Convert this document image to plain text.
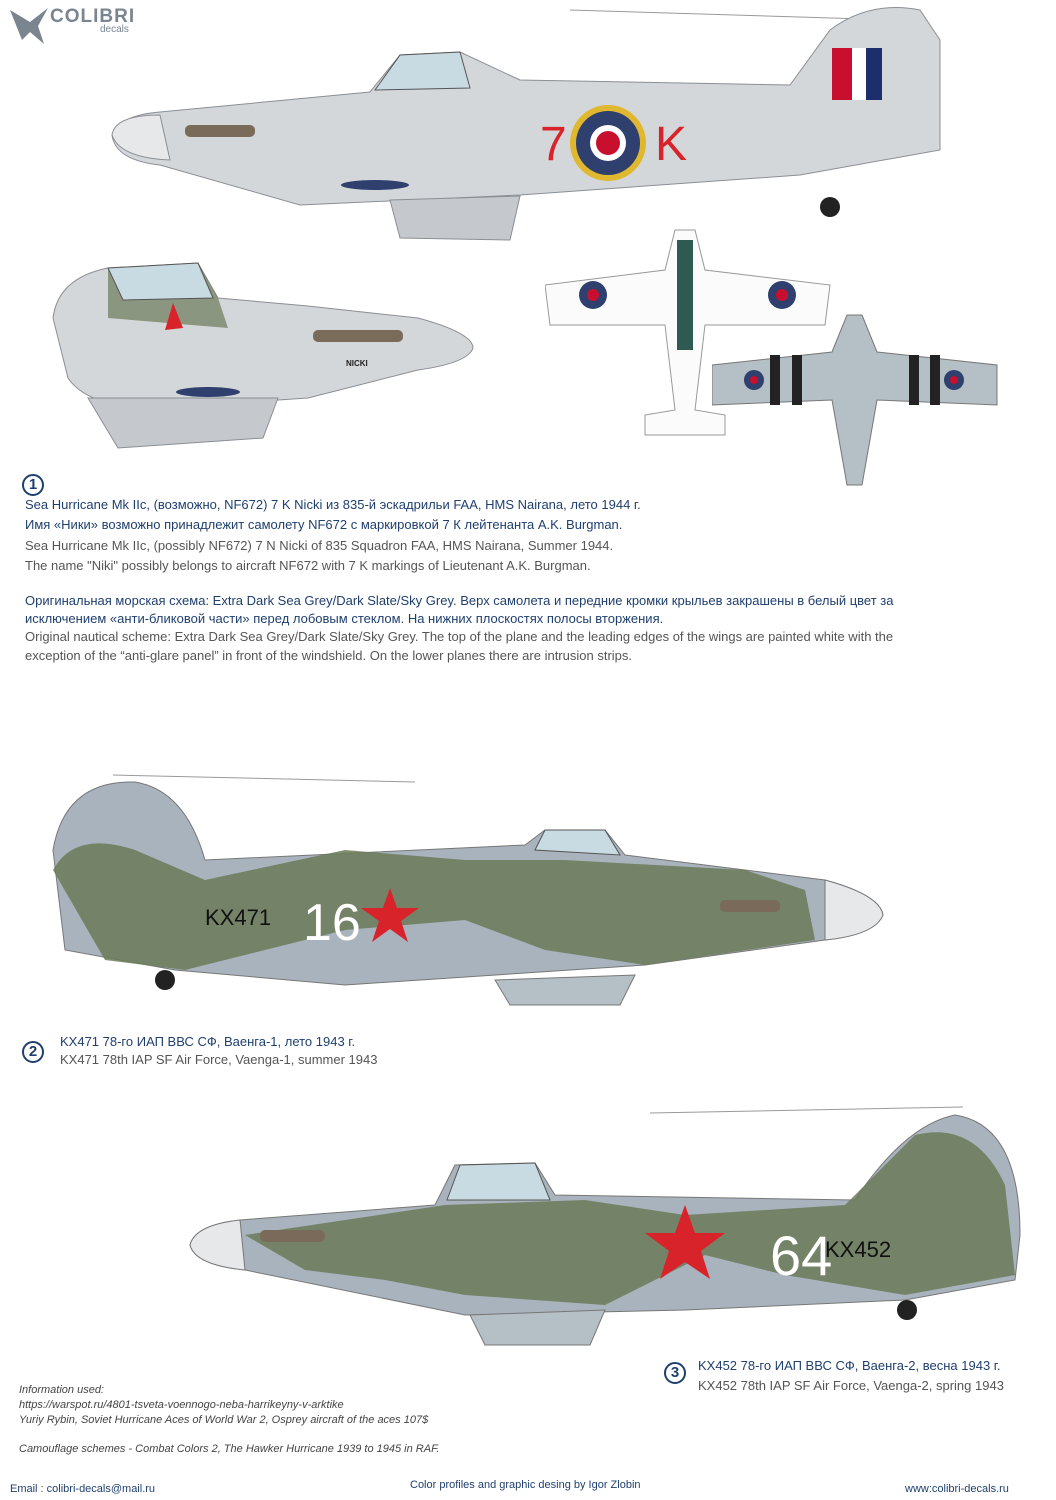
COLIBRI
decals
7 K
NICKI
1
Sea Hurricane Mk IIc, (возможно, NF672) 7 K Nicki из 835-й эскадрильи FAA, HMS Nairana, лето 1944 г.
Имя «Ники» возможно принадлежит самолету NF672 с маркировкой 7 К лейтенанта A.K. Burgman.
Sea Hurricane Mk IIc, (possibly NF672) 7 N Nicki of 835 Squadron FAA, HMS Nairana, Summer 1944.
The name "Niki" possibly belongs to aircraft NF672 with 7 K markings of Lieutenant A.K. Burgman.
Оригинальная морская схема: Extra Dark Sea Grey/Dark Slate/Sky Grey. Верх самолета и передние кромки крыльев закрашены в белый цвет за
исключением «анти-бликовой части» перед лобовым стеклом. На нижних плоскостях полосы вторжения.
Original nautical scheme: Extra Dark Sea Grey/Dark Slate/Sky Grey. The top of the plane and the leading edges of the wings are painted white with the
exception of the “anti-glare panel” in front of the windshield. On the lower planes there are intrusion strips.
KX471 16
2
KX471 78-го ИАП ВВС СФ, Ваенга-1, лето 1943 г.
KX471 78th IAP SF Air Force, Vaenga-1, summer 1943
64
KX452
3	KX452 78-го ИАП ВВС СФ, Ваенга-2, весна 1943 г.
KX452 78th IAP SF Air Force, Vaenga-2, spring 1943
Information used:
https://warspot.ru/4801-tsveta-voennogo-neba-harrikeyny-v-arktike
Yuriy Rybin, Soviet Hurricane Aces of World War 2, Osprey aircraft of the aces 107$
Camouflage schemes - Combat Colors 2, The Hawker Hurricane 1939 to 1945 in RAF.
Email : colibri-decals@mail.ru	Color profiles and graphic desing by Igor Zlobin	www:colibri-decals.ru
